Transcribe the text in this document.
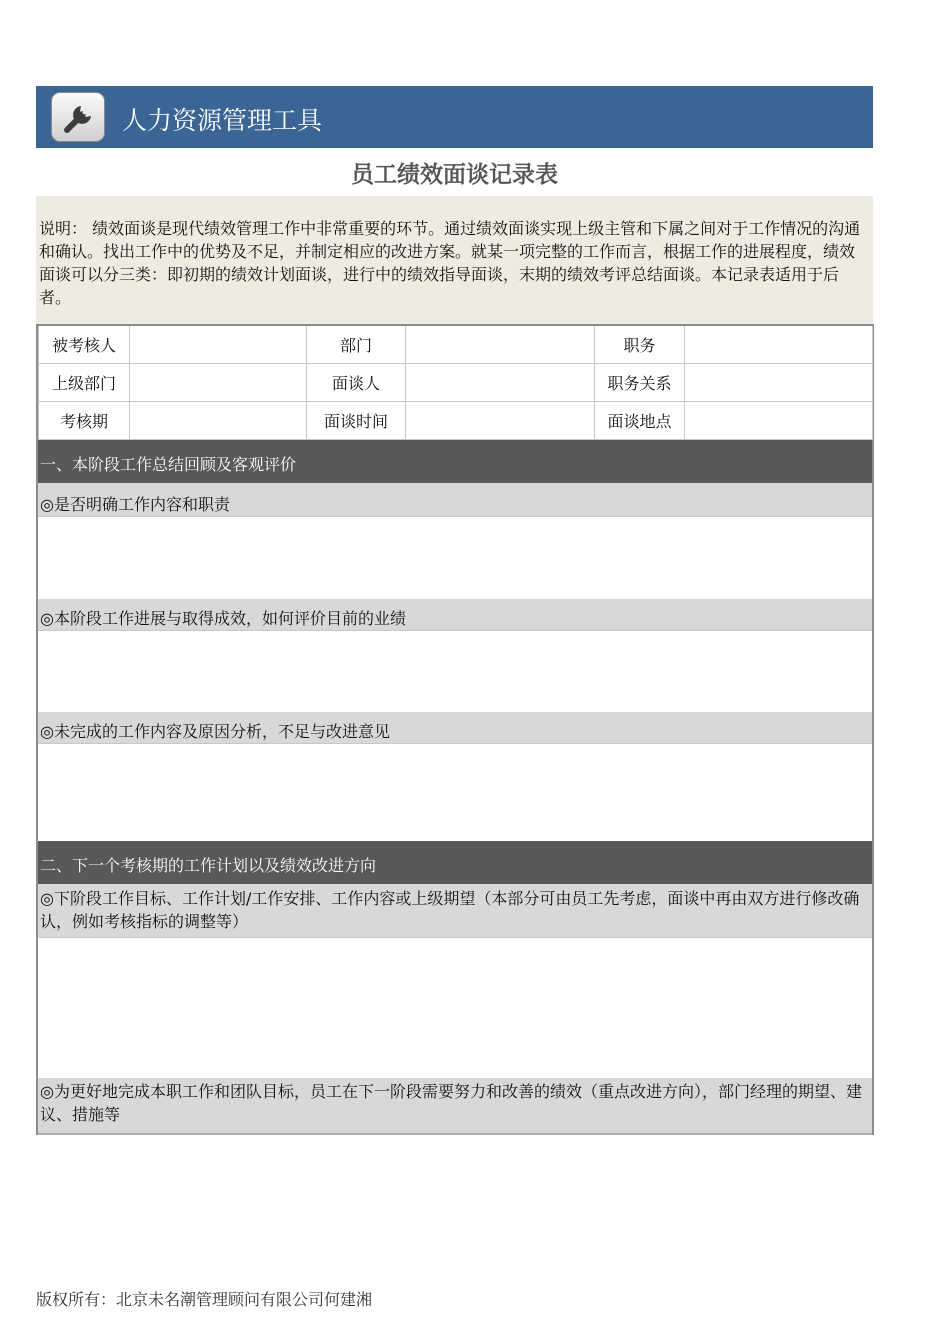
人力资源管理工具
员工绩效面谈记录表
说明： 绩效面谈是现代绩效管理工作中非常重要的环节。通过绩效面谈实现上级主管和下属之间对于工作情况的沟通和确认。找出工作中的优势及不足，并制定相应的改进方案。就某一项完整的工作而言，根据工作的进展程度，绩效面谈可以分三类：即初期的绩效计划面谈，进行中的绩效指导面谈，末期的绩效考评总结面谈。本记录表适用于后者。
被考核人		部门		职务	
上级部门		面谈人		职务关系	
考核期		面谈时间		面谈地点	
一、本阶段工作总结回顾及客观评价
◎是否明确工作内容和职责
◎本阶段工作进展与取得成效，如何评价目前的业绩
◎未完成的工作内容及原因分析，不足与改进意见
二、下一个考核期的工作计划以及绩效改进方向
◎下阶段工作目标、工作计划/工作安排、工作内容或上级期望（本部分可由员工先考虑，面谈中再由双方进行修改确认，例如考核指标的调整等）
◎为更好地完成本职工作和团队目标，员工在下一阶段需要努力和改善的绩效（重点改进方向），部门经理的期望、建议、措施等
版权所有：北京未名潮管理顾问有限公司何建湘
